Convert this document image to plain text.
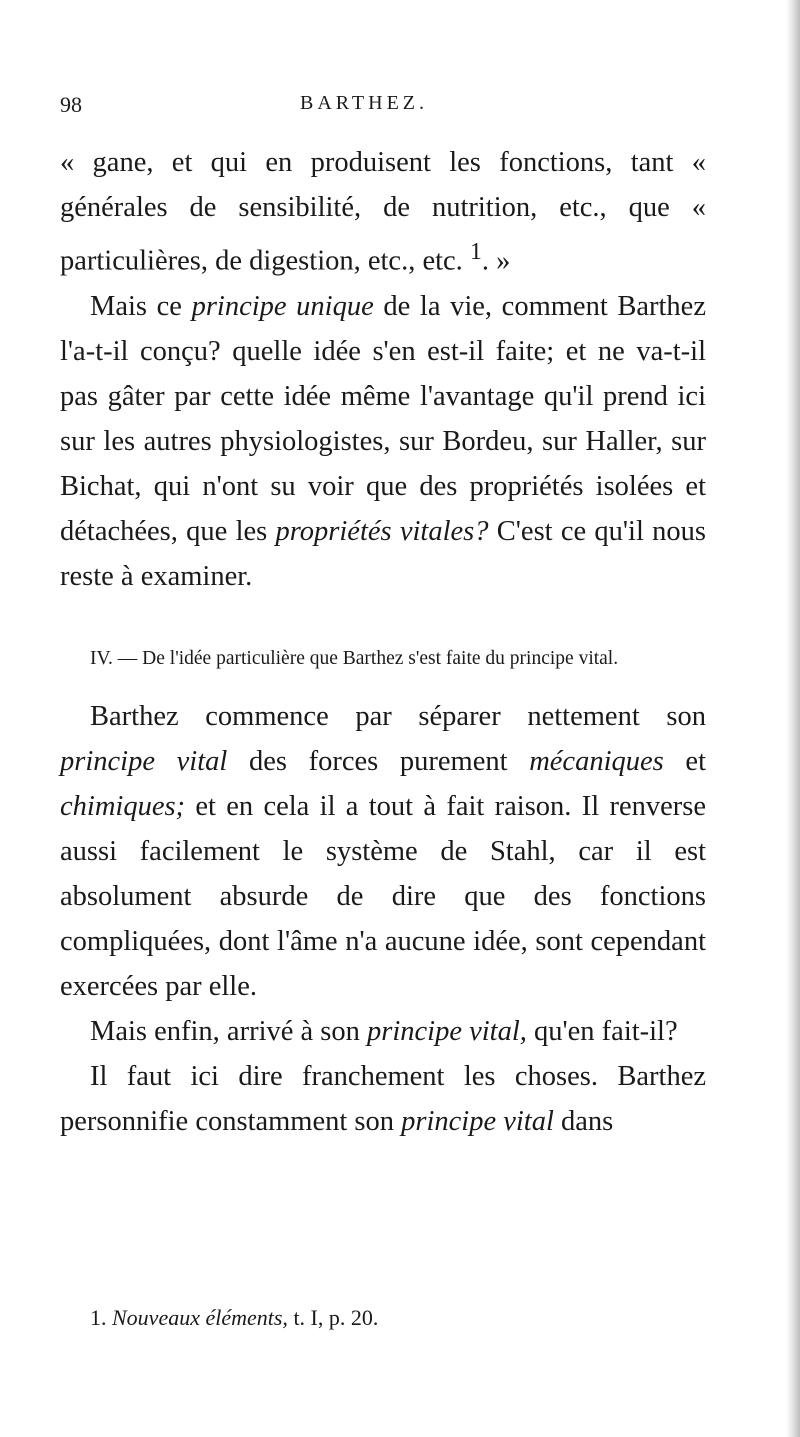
98	BARTHEZ.

« gane, et qui en produisent les fonctions, tant « générales de sensibilité, de nutrition, etc., que « particulières, de digestion, etc., etc. $^1$. »

Mais ce principe unique de la vie, comment Barthez l'a-t-il conçu? quelle idée s'en est-il faite; et ne va-t-il pas gâter par cette idée même l'avantage qu'il prend ici sur les autres physiologistes, sur Bordeu, sur Haller, sur Bichat, qui n'ont su voir que des propriétés isolées et détachées, que les propriétés vitales? C'est ce qu'il nous reste à examiner.

IV. — De l'idée particulière que Barthez s'est faite du principe vital.

Barthez commence par séparer nettement son principe vital des forces purement mécaniques et chimiques; et en cela il a tout à fait raison. Il renverse aussi facilement le système de Stahl, car il est absolument absurde de dire que des fonctions compliquées, dont l'âme n'a aucune idée, sont cependant exercées par elle.

Mais enfin, arrivé à son principe vital, qu'en fait-il?

Il faut ici dire franchement les choses. Barthez personnifie constamment son principe vital dans

1. Nouveaux éléments, t. I, p. 20.
